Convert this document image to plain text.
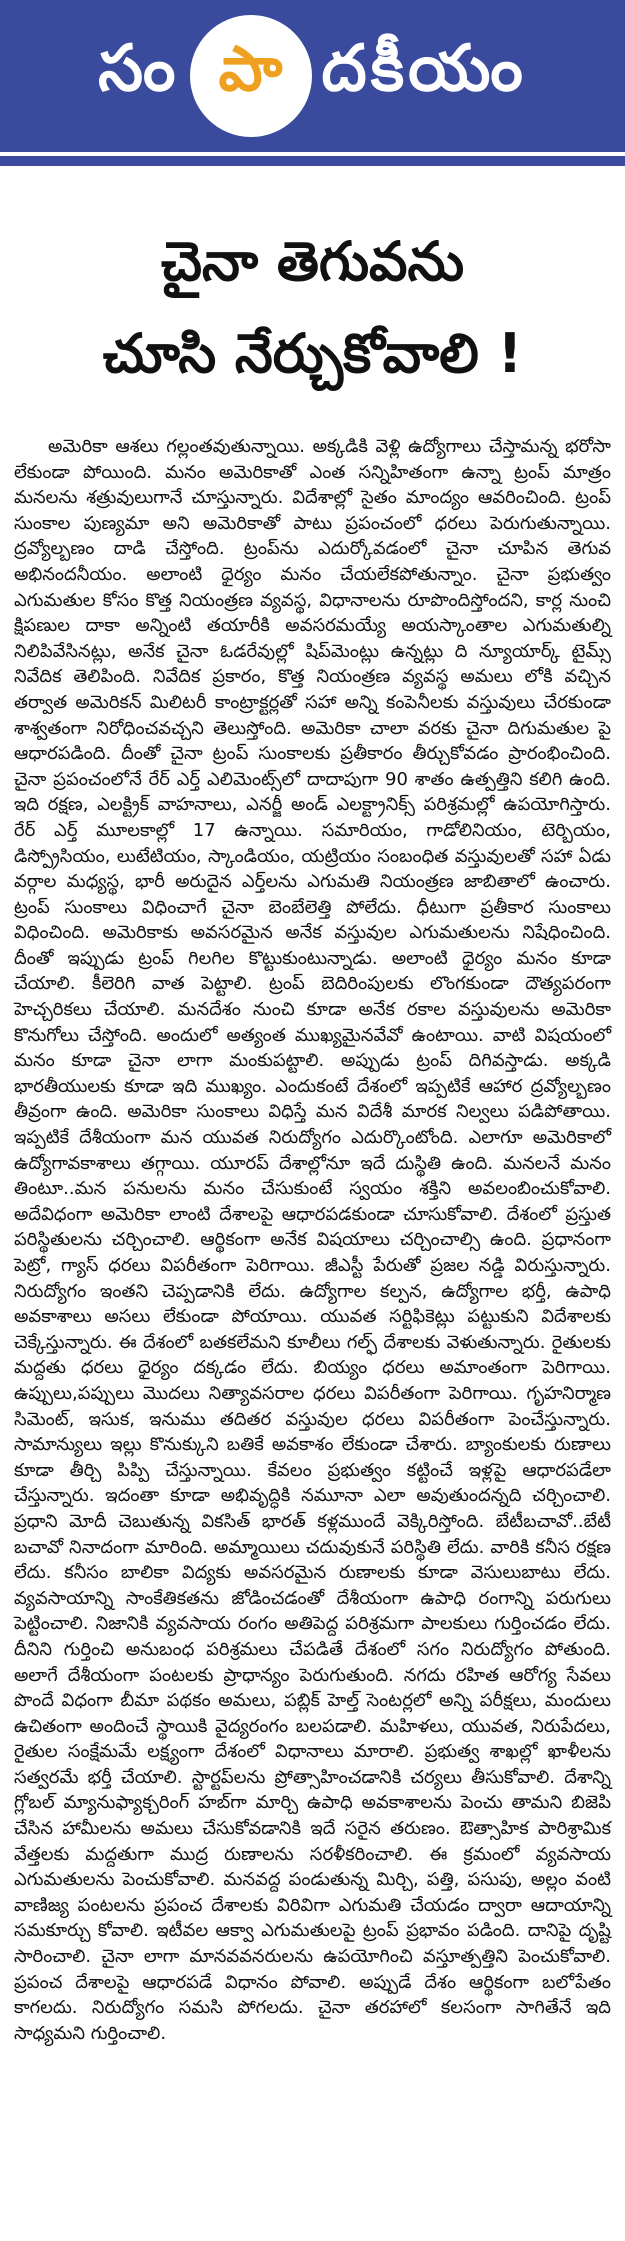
సం పా దకీయం
చైనా తెగువను
చూసి నేర్చుకోవాలి !

అమెరికా ఆశలు గల్లంతవుతున్నాయి. అక్కడికి వెళ్లి ఉద్యోగాలు చేస్తామన్న భరోసా లేకుండా పోయింది. మనం అమెరికాతో ఎంత సన్నిహితంగా ఉన్నా ట్రంప్ మాత్రం మనలను శత్రువులుగానే చూస్తున్నారు. విదేశాల్లో సైతం మాంద్యం ఆవరించింది. ట్రంప్ సుంకాల పుణ్యమా అని అమెరికాతో పాటు ప్రపంచంలో ధరలు పెరుగుతున్నాయి. ద్రవ్యోల్బణం దాడి చేస్తోంది. ట్రంప్‌ను ఎదుర్కోవడంలో చైనా చూపిన తెగువ అభినందనీయం. అలాంటి ధైర్యం మనం చేయలేకపోతున్నాం. చైనా ప్రభుత్వం ఎగుమతుల కోసం కొత్త నియంత్రణ వ్యవస్థ, విధానాలను రూపొందిస్తోందని, కార్ల నుంచి క్షిపణుల దాకా అన్నింటి తయారీకి అవసరమయ్యే అయస్కాంతాల ఎగుమతుల్ని నిలిపివేసినట్లు, అనేక చైనా ఓడరేవుల్లో షిప్‌మెంట్లు ఉన్నట్లు ది న్యూయార్క్ టైమ్స్ నివేదిక తెలిపింది. నివేదిక ప్రకారం, కొత్త నియంత్రణ వ్యవస్థ అమలు లోకి వచ్చిన తర్వాత అమెరికన్ మిలిటరీ కాంట్రాక్టర్లతో సహా అన్ని కంపెనీలకు వస్తువులు చేరకుండా శాశ్వతంగా నిరోధించవచ్చని తెలుస్తోంది. అమెరికా చాలా వరకు చైనా దిగుమతుల పై ఆధారపడింది. దీంతో చైనా ట్రంప్ సుంకాలకు ప్రతీకారం తీర్చుకోవడం ప్రారంభించింది. చైనా ప్రపంచంలోనే రేర్ ఎర్త్ ఎలిమెంట్స్‌లో దాదాపుగా 90 శాతం ఉత్పత్తిని కలిగి ఉంది. ఇది రక్షణ, ఎలక్ట్రిక్ వాహనాలు, ఎనర్జీ అండ్ ఎలక్ట్రానిక్స్ పరిశ్రమల్లో ఉపయోగిస్తారు. రేర్ ఎర్త్ మూలకాల్లో 17 ఉన్నాయి. సమారియం, గాడోలినియం, టెర్బియం, డిస్ప్రోసియం, లుటేటియం, స్కాండియం, యట్రియం సంబంధిత వస్తువులతో సహా ఏడు వర్గాల మధ్యస్థ, భారీ అరుదైన ఎర్త్‌లను ఎగుమతి నియంత్రణ జాబితాలో ఉంచారు. ట్రంప్ సుంకాలు విధించాగే చైనా బెంబేలెత్తి పోలేదు. ధీటుగా ప్రతీకార సుంకాలు విధించింది. అమెరికాకు అవసరమైన అనేక వస్తువుల ఎగుమతులను నిషేధించింది. దీంతో ఇప్పుడు ట్రంప్ గిలగిల కొట్టుకుంటున్నాడు. అలాంటి ధైర్యం మనం కూడా చేయాలి. కీలెరిగి వాత పెట్టాలి. ట్రంప్ బెదిరింపులకు లొంగకుండా దౌత్యపరంగా హెచ్చరికలు చేయాలి. మనదేశం నుంచి కూడా అనేక రకాల వస్తువులను అమెరికా కొనుగోలు చేస్తోంది. అందులో అత్యంత ముఖ్యమైనవేవో ఉంటాయి. వాటి విషయంలో మనం కూడా చైనా లాగా మంకుపట్టాలి. అప్పుడు ట్రంప్ దిగివస్తాడు. అక్కడి భారతీయులకు కూడా ఇది ముఖ్యం. ఎందుకంటే దేశంలో ఇప్పటికే ఆహార ద్రవ్యోల్బణం తీవ్రంగా ఉంది. అమెరికా సుంకాలు విధిస్తే మన విదేశీ మారక నిల్వలు పడిపోతాయి. ఇప్పటికే దేశీయంగా మన యువత నిరుద్యోగం ఎదుర్కొంటోంది. ఎలాగూ అమెరికాలో ఉద్యోగావకాశాలు తగ్గాయి. యూరప్ దేశాల్లోనూ ఇదే దుస్థితి ఉంది. మనలనే మనం తింటూ..మన పనులను మనం చేసుకుంటే స్వయం శక్తిని అవలంబించుకోవాలి. అదేవిధంగా అమెరికా లాంటి దేశాలపై ఆధారపడకుండా చూసుకోవాలి. దేశంలో ప్రస్తుత పరిస్థితులను చర్చించాలి. ఆర్థికంగా అనేక విషయాలు చర్చించాల్సి ఉంది. ప్రధానంగా పెట్రో, గ్యాస్ ధరలు విపరీతంగా పెరిగాయి. జీఎస్టీ పేరుతో ప్రజల నడ్డి విరుస్తున్నారు. నిరుద్యోగం ఇంతని చెప్పడానికి లేదు. ఉద్యోగాల కల్పన, ఉద్యోగాల భర్తీ, ఉపాధి అవకాశాలు అసలు లేకుండా పోయాయి. యువత సర్టిఫికెట్లు పట్టుకుని విదేశాలకు చెక్కేస్తున్నారు. ఈ దేశంలో బతకలేమని కూలీలు గల్ఫ్ దేశాలకు వెళుతున్నారు. రైతులకు మద్దతు ధరలు ధైర్యం దక్కడం లేదు. బియ్యం ధరలు అమాంతంగా పెరిగాయి. ఉప్పులు,పప్పులు మొదలు నిత్యావసరాల ధరలు విపరీతంగా పెరిగాయి. గృహనిర్మాణ సిమెంట్, ఇసుక, ఇనుము తదితర వస్తువుల ధరలు విపరీతంగా పెంచేస్తున్నారు. సామాన్యులు ఇల్లు కొనుక్కుని బతికే అవకాశం లేకుండా చేశారు. బ్యాంకులకు రుణాలు కూడా తీర్చి పిప్పి చేస్తున్నాయి. కేవలం ప్రభుత్వం కట్టించే ఇళ్లపై ఆధారపడేలా చేస్తున్నారు. ఇదంతా కూడా అభివృద్ధికి నమూనా ఎలా అవుతుందన్నది చర్చించాలి. ప్రధాని మోదీ చెబుతున్న వికసిత్ భారత్ కళ్లముందే వెక్కిరిస్తోంది. బేటీబచావో..బేటీ బచావో నినాదంగా మారింది. అమ్మాయిలు చదువుకునే పరిస్థితి లేదు. వారికి కనీస రక్షణ లేదు. కనీసం బాలికా విద్యకు అవసరమైన రుణాలకు కూడా వెసులుబాటు లేదు. వ్యవసాయాన్ని సాంకేతికతను జోడించడంతో దేశీయంగా ఉపాధి రంగాన్ని పరుగులు పెట్టించాలి. నిజానికి వ్యవసాయ రంగం అతిపెద్ద పరిశ్రమగా పాలకులు గుర్తించడం లేదు. దీనిని గుర్తించి అనుబంధ పరిశ్రమలు చేపడితే దేశంలో సగం నిరుద్యోగం పోతుంది. అలాగే దేశీయంగా పంటలకు ప్రాధాన్యం పెరుగుతుంది. నగదు రహిత ఆరోగ్య సేవలు పొందే విధంగా బీమా పథకం అమలు, పబ్లిక్ హెల్త్ సెంటర్లలో అన్ని పరీక్షలు, మందులు ఉచితంగా అందించే స్థాయికి వైద్యరంగం బలపడాలి. మహిళలు, యువత, నిరుపేదలు, రైతుల సంక్షేమమే లక్ష్యంగా దేశంలో విధానాలు మారాలి. ప్రభుత్వ శాఖల్లో ఖాళీలను సత్వరమే భర్తీ చేయాలి. స్టార్టప్‌లను ప్రోత్సాహించడానికి చర్యలు తీసుకోవాలి. దేశాన్ని గ్లోబల్ మ్యానుఫ్యాక్చరింగ్ హబ్‌గా మార్చి ఉపాధి అవకాశాలను పెంచు తామని బిజెపి చేసిన హామీలను అమలు చేసుకోవడానికి ఇదే సరైన తరుణం. ఔత్సాహిక పారిశ్రామిక వేత్తలకు మద్దతుగా ముద్ర రుణాలను సరళీకరించాలి. ఈ క్రమంలో వ్యవసాయ ఎగుమతులను పెంచుకోవాలి. మనవద్ద పండుతున్న మిర్చి, పత్తి, పసుపు, అల్లం వంటి వాణిజ్య పంటలను ప్రపంచ దేశాలకు విరివిగా ఎగుమతి చేయడం ద్వారా ఆదాయాన్ని సమకూర్చు కోవాలి. ఇటీవల ఆక్వా ఎగుమతులపై ట్రంప్ ప్రభావం పడింది. దానిపై దృష్టి సారించాలి. చైనా లాగా మానవవనరులను ఉపయోగించి వస్తూత్పత్తిని పెంచుకోవాలి. ప్రపంచ దేశాలపై ఆధారపడే విధానం పోవాలి. అప్పుడే దేశం ఆర్థికంగా బలోపేతం కాగలదు. నిరుద్యోగం సమసి పోగలదు. చైనా తరహాలో కలసంగా సాగితేనే ఇది సాధ్యమని గుర్తించాలి.
